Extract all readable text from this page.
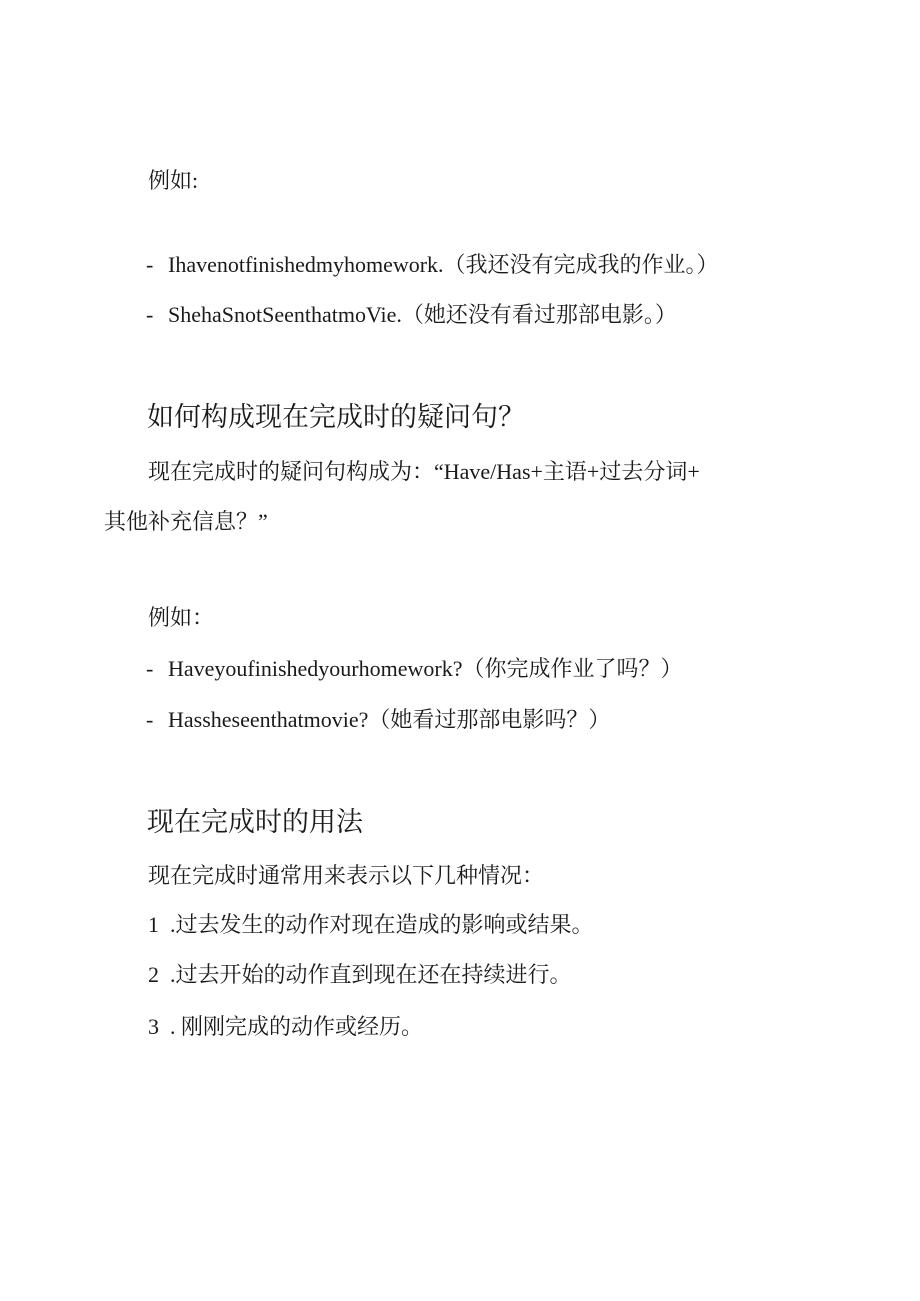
例如:
- Ihavenotfinishedmyhomework.（我还没有完成我的作业。）
- ShehaSnotSeenthatmoVie.（她还没有看过那部电影。）
如何构成现在完成时的疑问句？
现在完成时的疑问句构成为：“Have/Has+主语+过去分词+
其他补充信息？”
例如：
- Haveyoufinishedyourhomework?（你完成作业了吗？）
- Hassheseenthatmovie?（她看过那部电影吗？）
现在完成时的用法
现在完成时通常用来表示以下几种情况：
1 .过去发生的动作对现在造成的影响或结果。
2 .过去开始的动作直到现在还在持续进行。
3 . 刚刚完成的动作或经历。
